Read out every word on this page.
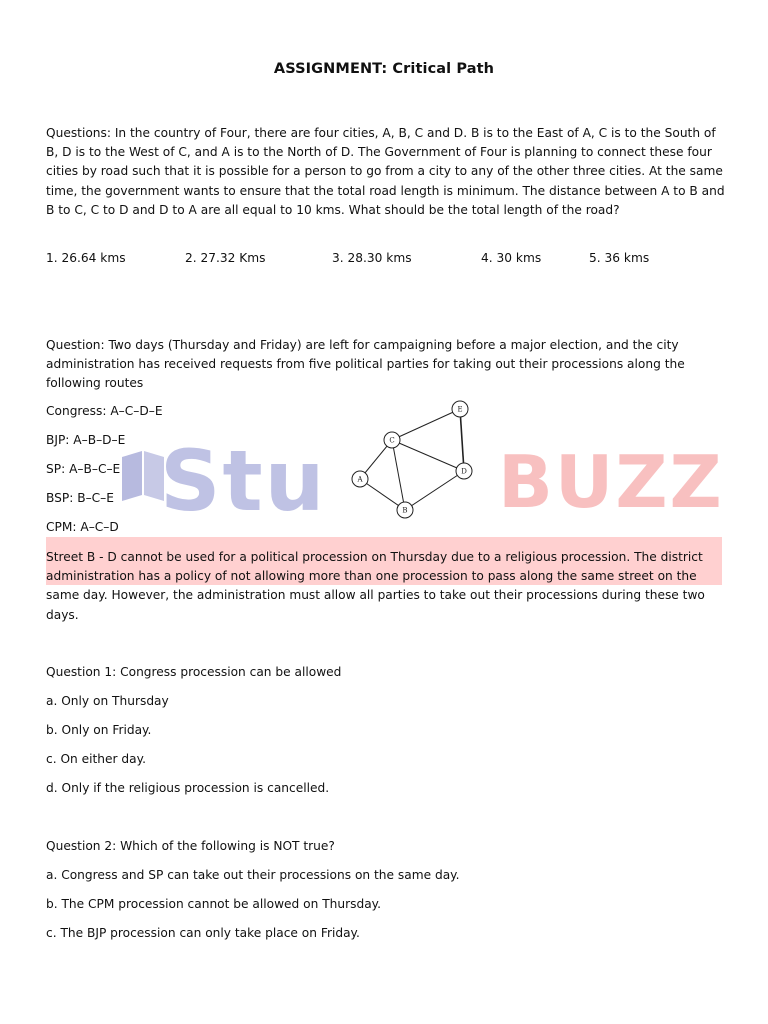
Stu BUZZ
ASSIGNMENT: Critical Path

Questions: In the country of Four, there are four cities, A, B, C and D. B is to the East of A, C is to the South of B, D is to the West of C, and A is to the North of D. The Government of Four is planning to connect these four cities by road such that it is possible for a person to go from a city to any of the other three cities. At the same time, the government wants to ensure that the total road length is minimum. The distance between A to B and B to C, C to D and D to A are all equal to 10 kms. What should be the total length of the road?

1. 26.64 kms	2. 27.32 Kms	3. 28.30 kms	4. 30 kms	5. 36 kms

Question: Two days (Thursday and Friday) are left for campaigning before a major election, and the city administration has received requests from five political parties for taking out their processions along the following routes

Congress: A–C–D–E
BJP: A–B–D–E
SP: A–B–C–E
BSP: B–C–E
CPM: A–C–D
A
B
C
D
E

Street B - D cannot be used for a political procession on Thursday due to a religious procession. The district administration has a policy of not allowing more than one procession to pass along the same street on the same day. However, the administration must allow all parties to take out their processions during these two days.

Question 1: Congress procession can be allowed
a. Only on Thursday
b. Only on Friday.
c. On either day.
d. Only if the religious procession is cancelled.
Question 2: Which of the following is NOT true?
a. Congress and SP can take out their processions on the same day.
b. The CPM procession cannot be allowed on Thursday.
c. The BJP procession can only take place on Friday.
